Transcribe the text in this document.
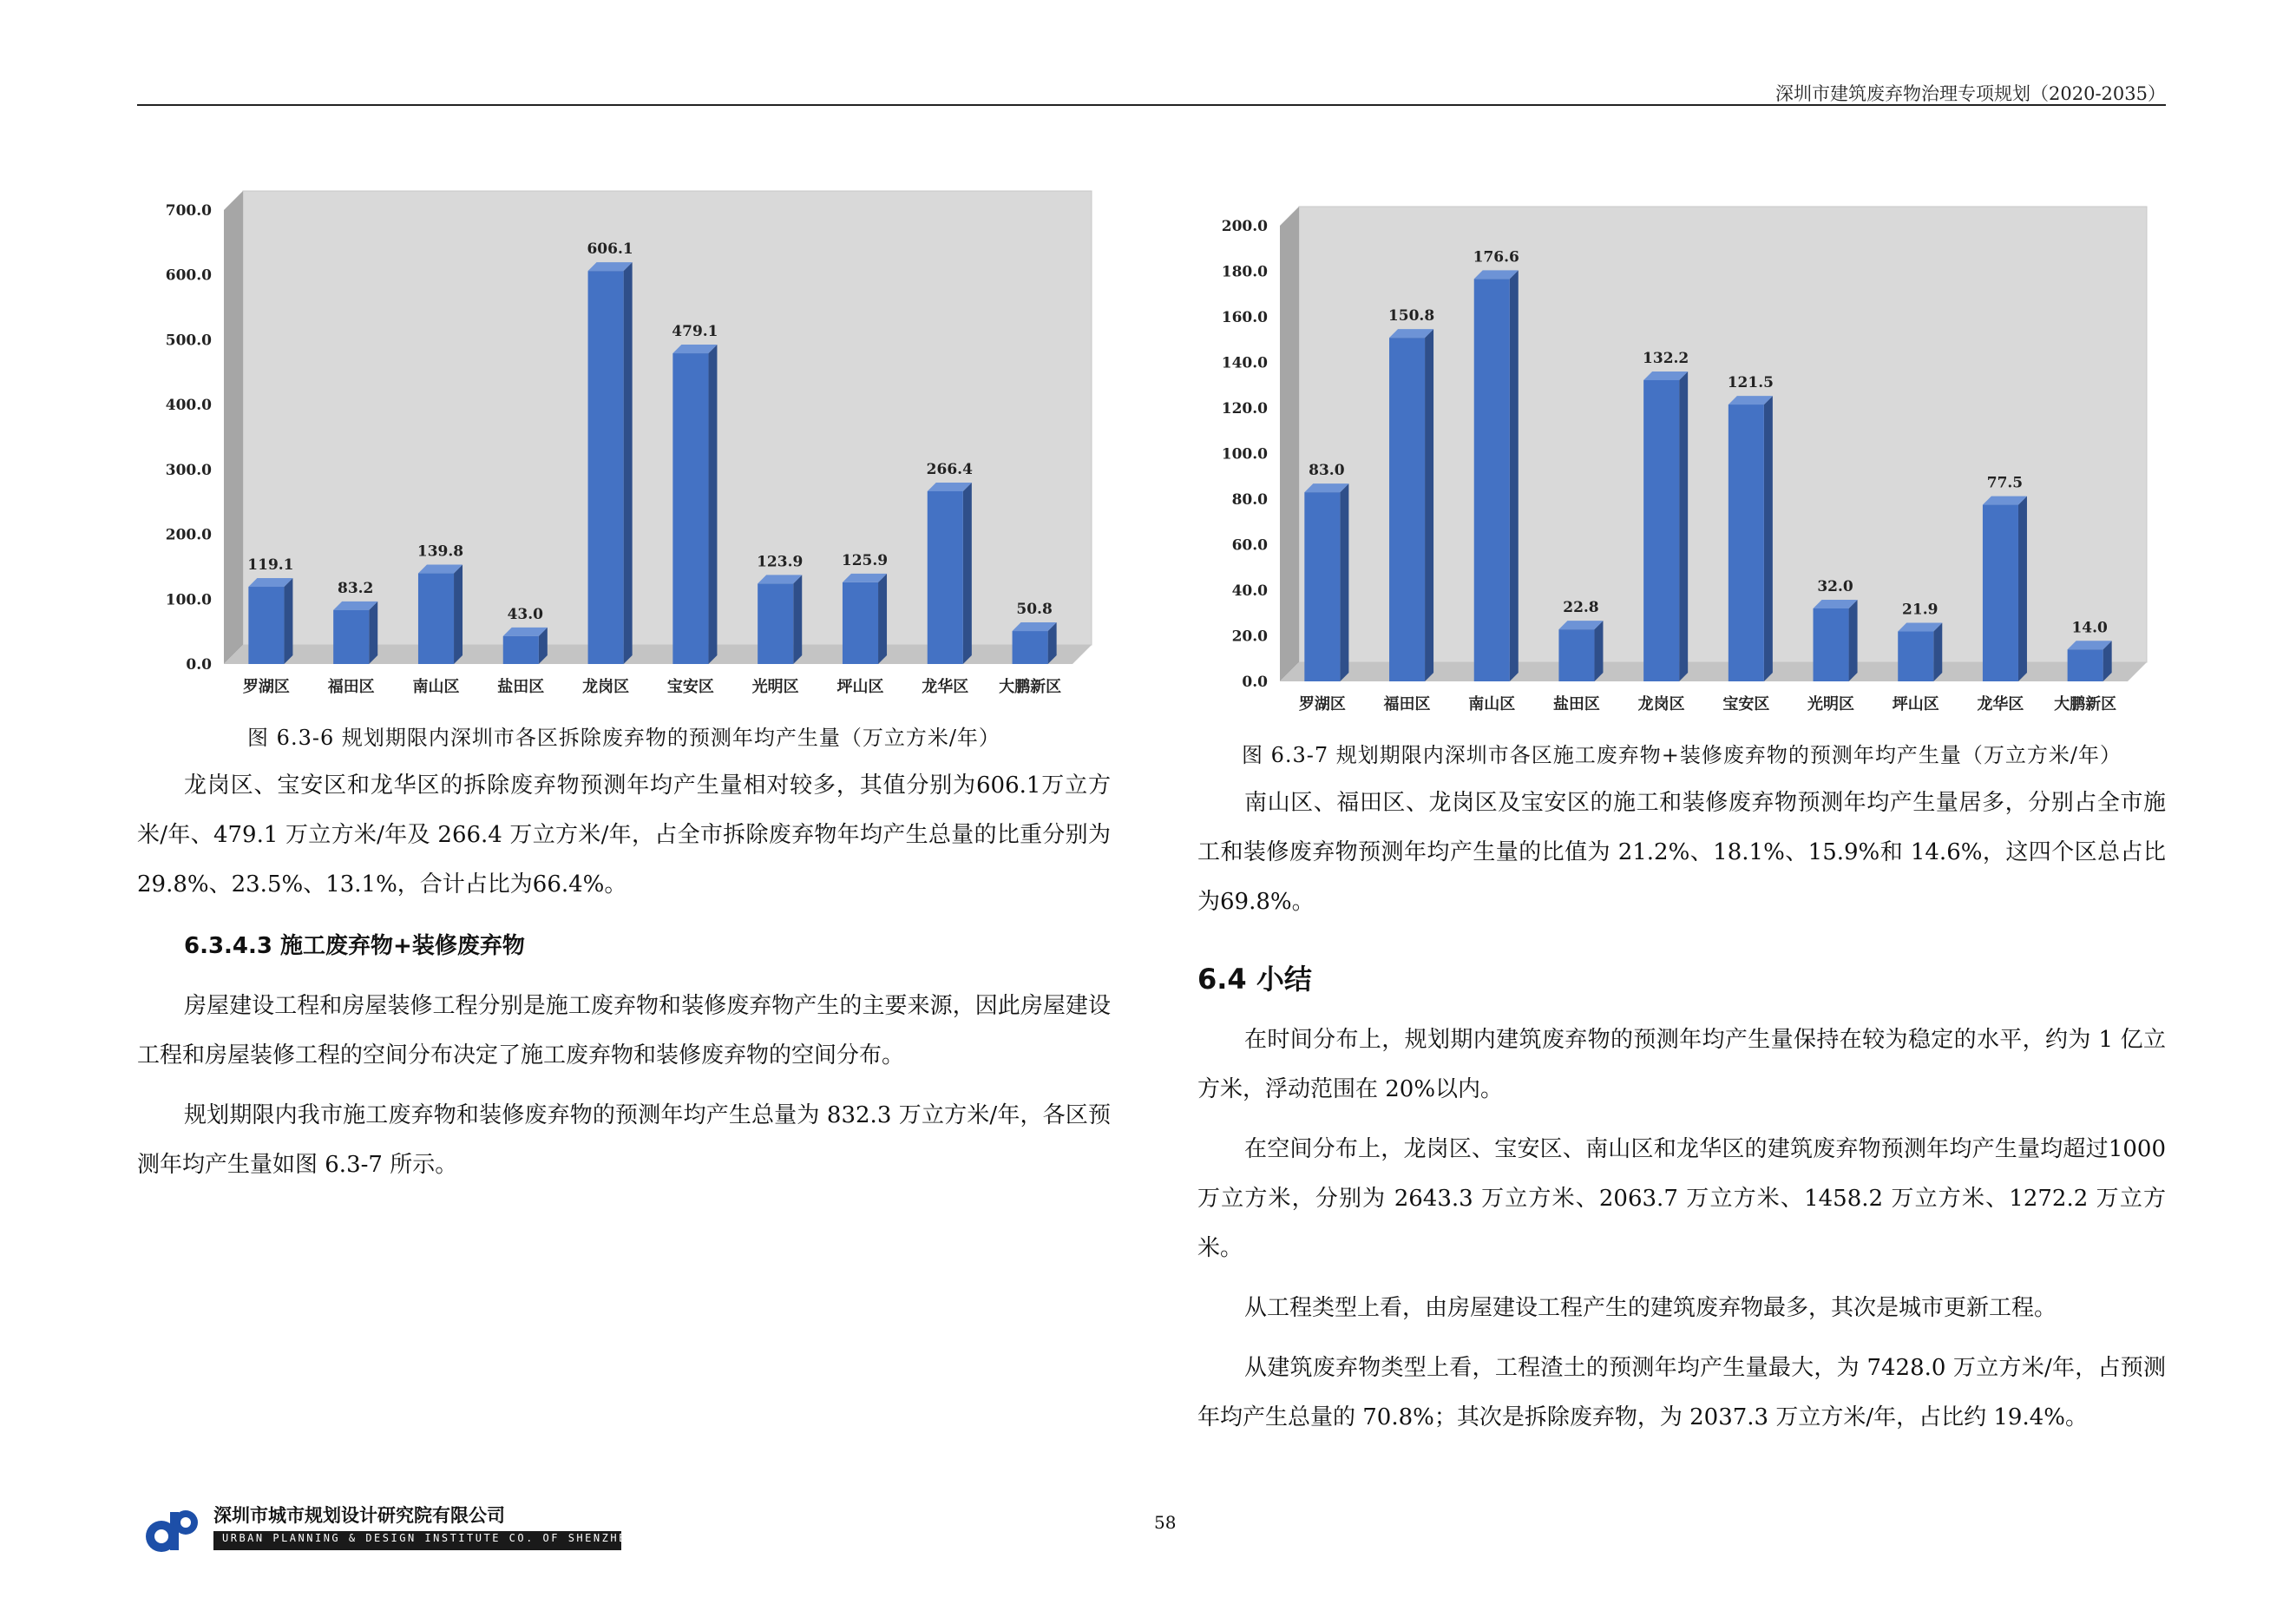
深圳市建筑废弃物治理专项规划（2020-2035）
0.0
100.0
200.0
300.0
400.0
500.0
600.0
700.0
119.1
罗湖区
83.2
福田区
139.8
南山区
43.0
盐田区
606.1
龙岗区
479.1
宝安区
123.9
光明区
125.9
坪山区
266.4
龙华区
50.8
大鹏新区
图 6.3-6 规划期限内深圳市各区拆除废弃物的预测年均产生量（万立方米/年）

龙岗区、宝安区和龙华区的拆除废弃物预测年均产生量相对较多，其值分别为606.1万立方米/年、479.1 万立方米/年及 266.4 万立方米/年，占全市拆除废弃物年均产生总量的比重分别为29.8%、23.5%、13.1%，合计占比为66.4%。

6.3.4.3 施工废弃物+装修废弃物

房屋建设工程和房屋装修工程分别是施工废弃物和装修废弃物产生的主要来源，因此房屋建设工程和房屋装修工程的空间分布决定了施工废弃物和装修废弃物的空间分布。

规划期限内我市施工废弃物和装修废弃物的预测年均产生总量为 832.3 万立方米/年，各区预测年均产生量如图 6.3-7 所示。

0.0
20.0
40.0
60.0
80.0
100.0
120.0
140.0
160.0
180.0
200.0
83.0
罗湖区
150.8
福田区
176.6
南山区
22.8
盐田区
132.2
龙岗区
121.5
宝安区
32.0
光明区
21.9
坪山区
77.5
龙华区
14.0
大鹏新区
图 6.3-7 规划期限内深圳市各区施工废弃物+装修废弃物的预测年均产生量（万立方米/年）

南山区、福田区、龙岗区及宝安区的施工和装修废弃物预测年均产生量居多，分别占全市施工和装修废弃物预测年均产生量的比值为 21.2%、18.1%、15.9%和 14.6%，这四个区总占比为69.8%。

6.4 小结

在时间分布上，规划期内建筑废弃物的预测年均产生量保持在较为稳定的水平，约为 1 亿立方米，浮动范围在 20%以内。

在空间分布上，龙岗区、宝安区、南山区和龙华区的建筑废弃物预测年均产生量均超过1000 万立方米，分别为 2643.3 万立方米、2063.7 万立方米、1458.2 万立方米、1272.2 万立方米。

从工程类型上看，由房屋建设工程产生的建筑废弃物最多，其次是城市更新工程。

从建筑废弃物类型上看，工程渣土的预测年均产生量最大，为 7428.0 万立方米/年，占预测年均产生总量的 70.8%；其次是拆除废弃物，为 2037.3 万立方米/年，占比约 19.4%。

深圳市城市规划设计研究院有限公司
URBAN PLANNING & DESIGN INSTITUTE CO. OF SHENZHEN
58
